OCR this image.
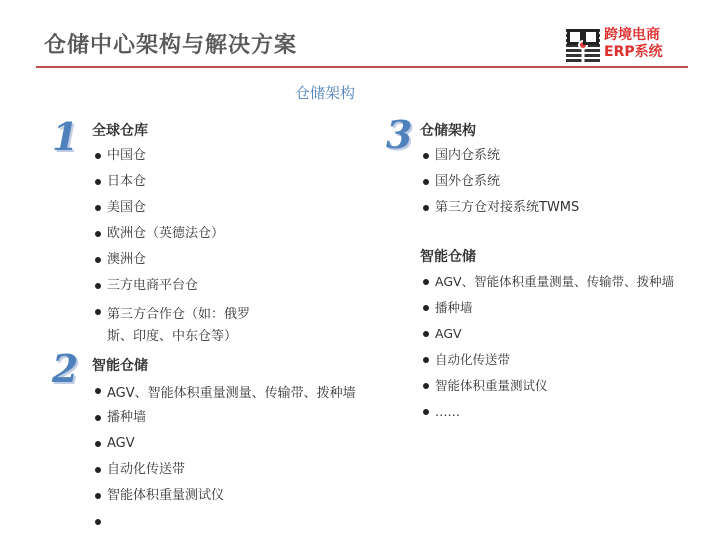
仓储中心架构与解决方案	跨境电商
ERP系统
仓储架构
1 全球仓库
中国仓
日本仓
美国仓
欧洲仓（英德法仓）
澳洲仓
三方电商平台仓
第三方合作仓（如：俄罗斯、印度、中东仓等）
2 智能仓储
AGV、智能体积重量测量、传输带、拨种墙
播种墙
AGV
自动化传送带
智能体积重量测试仪
3 仓储架构
国内仓系统
国外仓系统
第三方仓对接系统TWMS
智能仓储
AGV、智能体积重量测量、传输带、拨种墙
播种墙
AGV
自动化传送带
智能体积重量测试仪
……
